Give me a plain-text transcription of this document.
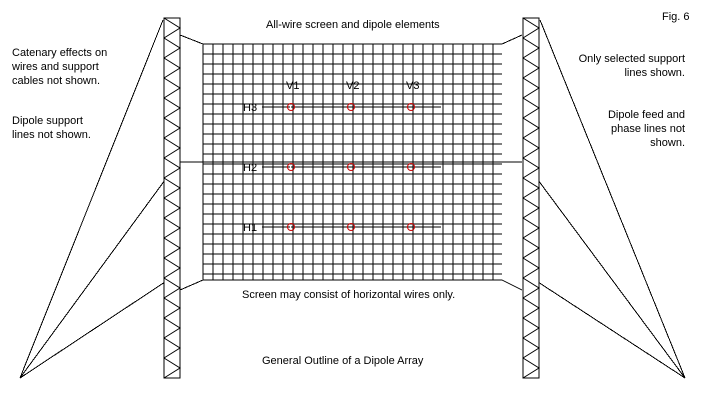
Fig. 6
All-wire screen and dipole elements
Catenary effects on
wires and support
cables not shown.
Dipole support
lines not shown.
Only selected support
lines shown.
Dipole feed and
phase lines not
shown.
Screen may consist of horizontal wires only.
General Outline of a Dipole Array
V1	V2	V3
H3
H2
H1
